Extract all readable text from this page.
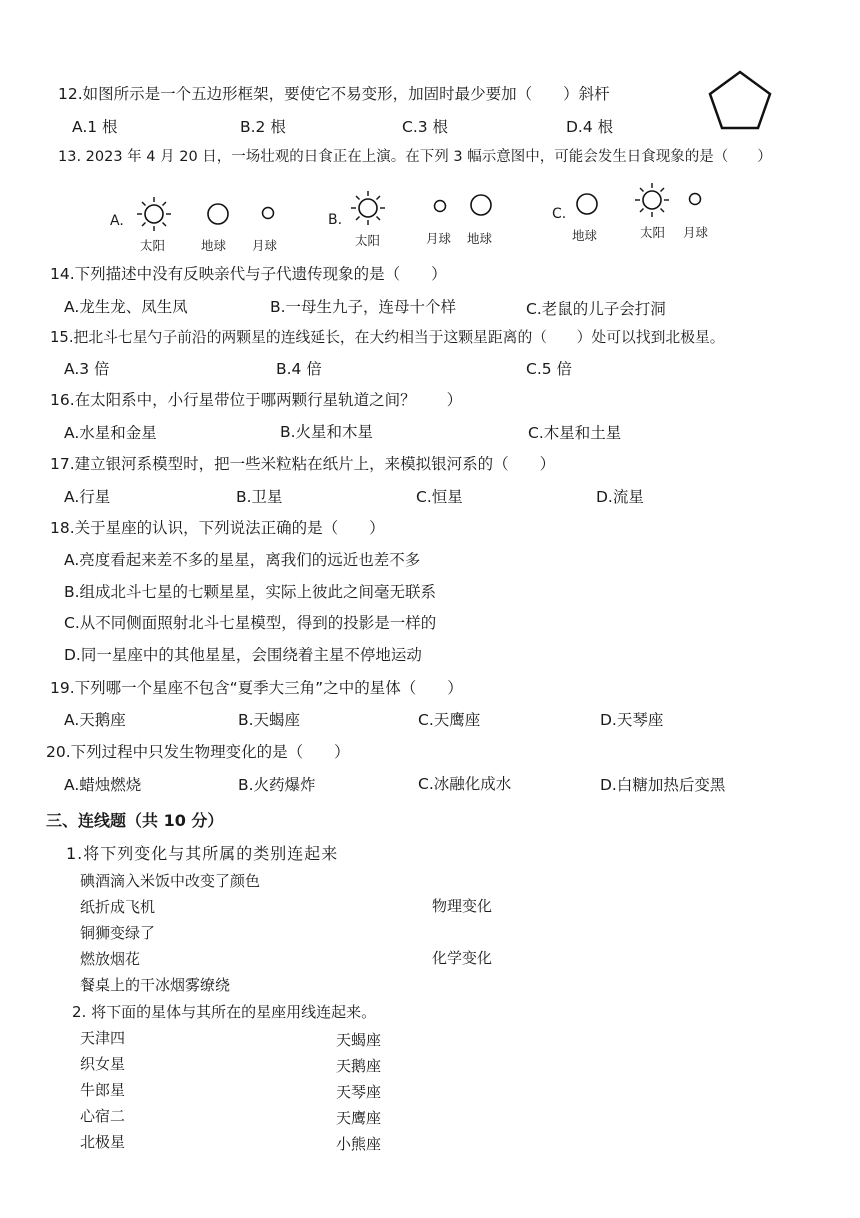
12.如图所示是一个五边形框架，要使它不易变形，加固时最少要加（　　）斜杆
A.1 根	B.2 根	C.3 根	D.4 根
13. 2023 年 4 月 20 日，一场壮观的日食正在上演。在下列 3 幅示意图中，可能会发生日食现象的是（　　）
A.
太阳	地球 月球
B.
太阳	月球 地球
C.
地球	太阳 月球
14.下列描述中没有反映亲代与子代遗传现象的是（　　）
A.龙生龙、凤生凤	B.一母生九子，连母十个样	C.老鼠的儿子会打洞
15.把北斗七星勺子前沿的两颗星的连线延长，在大约相当于这颗星距离的（　　）处可以找到北极星。
A.3 倍	B.4 倍	C.5 倍
16.在太阳系中，小行星带位于哪两颗行星轨道之间？　　）
A.水星和金星	B.火星和木星	C.木星和土星
17.建立银河系模型时，把一些米粒粘在纸片上，来模拟银河系的（　　）
A.行星	B.卫星	C.恒星	D.流星
18.关于星座的认识，下列说法正确的是（　　）
A.亮度看起来差不多的星星，离我们的远近也差不多
B.组成北斗七星的七颗星星，实际上彼此之间毫无联系
C.从不同侧面照射北斗七星模型，得到的投影是一样的
D.同一星座中的其他星星，会围绕着主星不停地运动
19.下列哪一个星座不包含“夏季大三角”之中的星体（　　）
A.天鹅座	B.天蝎座	C.天鹰座	D.天琴座
20.下列过程中只发生物理变化的是（　　）
A.蜡烛燃烧	B.火药爆炸	C.冰融化成水	D.白糖加热后变黑
三、连线题（共 10 分）
1.将下列变化与其所属的类别连起来
碘酒滴入米饭中改变了颜色
纸折成飞机
铜狮变绿了
燃放烟花
餐桌上的干冰烟雾缭绕
物理变化
化学变化
2. 将下面的星体与其所在的星座用线连起来。
天津四
织女星
牛郎星
心宿二
北极星
天蝎座
天鹅座
天琴座
天鹰座
小熊座
